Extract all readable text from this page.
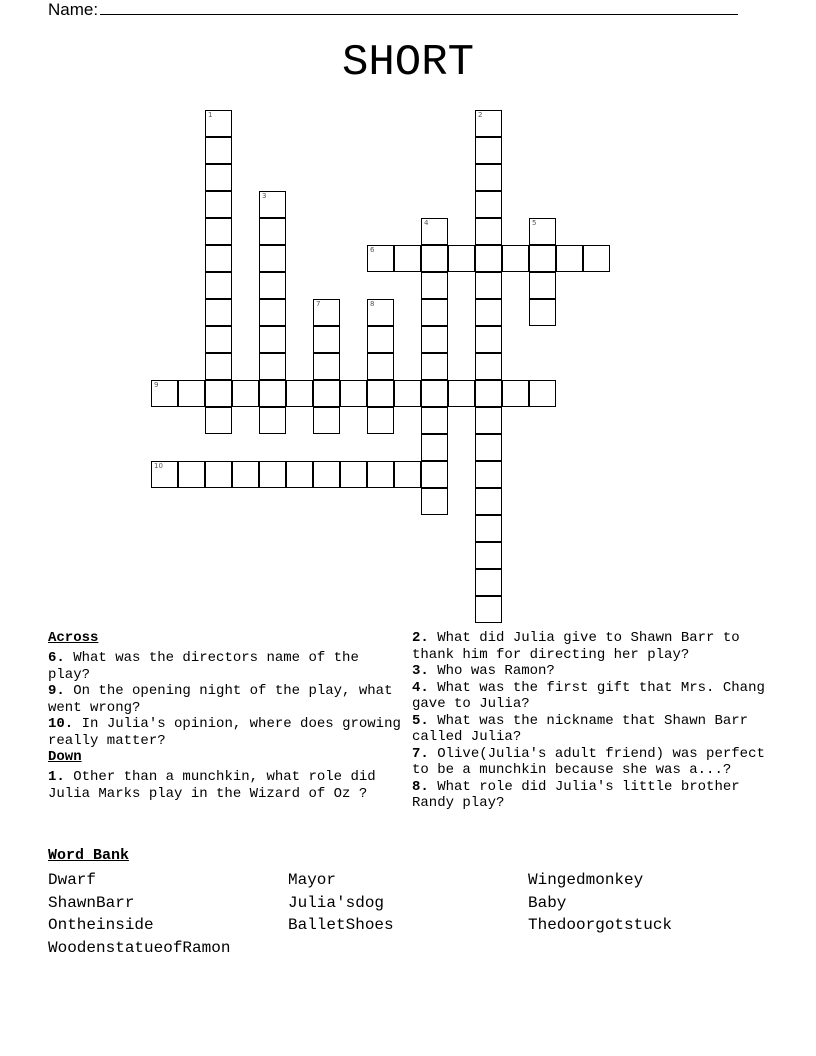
Name:
SHORT
1	2
3
4	5
6
7	8
9
10
Across

6. What was the directors name of the play?

9. On the opening night of the play, what went wrong?

10. In Julia's opinion, where does growing really matter?

Down

1. Other than a munchkin, what role did Julia Marks play in the Wizard of Oz ?

2. What did Julia give to Shawn Barr to thank him for directing her play?

3. Who was Ramon?

4. What was the first gift that Mrs. Chang gave to Julia?

5. What was the nickname that Shawn Barr called Julia?

7. Olive(Julia's adult friend) was perfect to be a munchkin because she was a...?

8. What role did Julia's little brother Randy play?

Word Bank
Dwarf	Mayor	Wingedmonkey
ShawnBarr	Julia'sdog	Baby
Ontheinside	BalletShoes	Thedoorgotstuck
WoodenstatueofRamon
